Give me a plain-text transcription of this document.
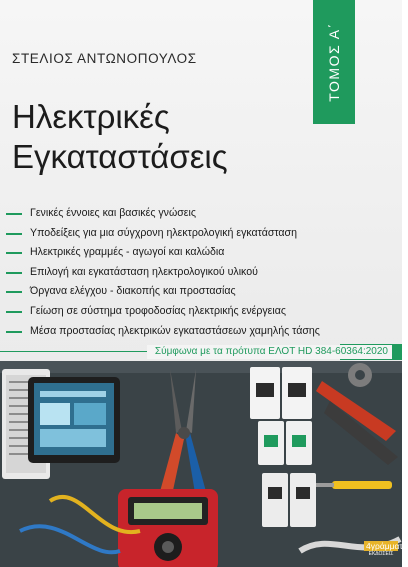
ΣΤΕΛΙΟΣ ΑΝΤΩΝΟΠΟΥΛΟΣ	ΤΟΜΟΣ Α΄
Ηλεκτρικές
Εγκαταστάσεις
Γενικές έννοιες και βασικές γνώσεις
Υποδείξεις για μια σύγχρονη ηλεκτρολογική εγκατάσταση
Ηλεκτρικές γραμμές - αγωγοί και καλώδια
Επιλογή και εγκατάσταση ηλεκτρολογικού υλικού
Όργανα ελέγχου - διακοπής και προστασίας
Γείωση σε σύστημα τροφοδοσίας ηλεκτρικής ενέργειας
Μέσα προστασίας ηλεκτρικών εγκαταστάσεων χαμηλής τάσης
Σύμφωνα με τα πρότυπα ΕΛΟΤ HD 384-60364:2020
4γράμματα
ΕΚΔΟΣΕΙΣ
